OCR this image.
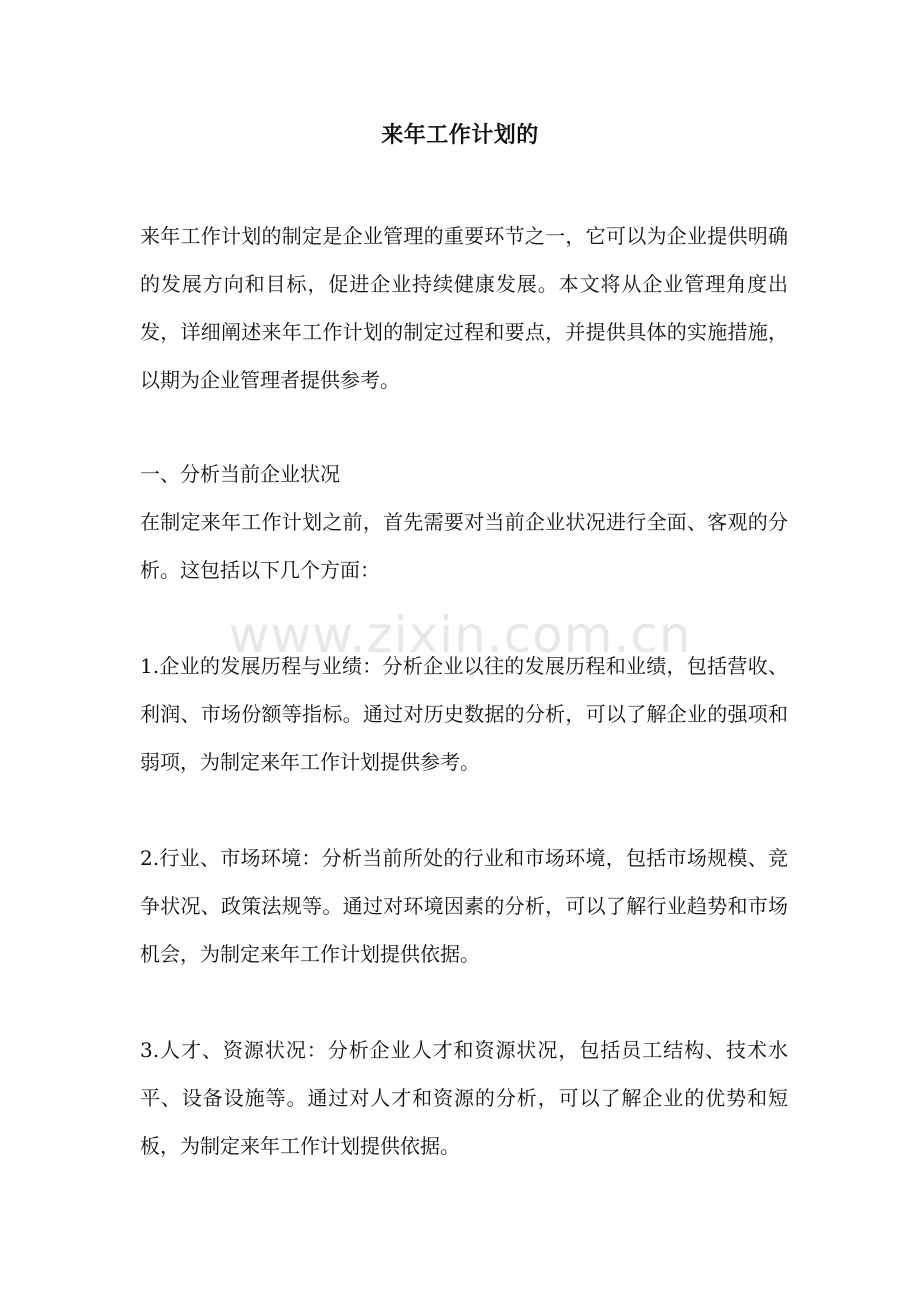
来年工作计划的

来年工作计划的制定是企业管理的重要环节之一，它可以为企业提供明确的发展方向和目标，促进企业持续健康发展。本文将从企业管理角度出发，详细阐述来年工作计划的制定过程和要点，并提供具体的实施措施，以期为企业管理者提供参考。

一、分析当前企业状况

在制定来年工作计划之前，首先需要对当前企业状况进行全面、客观的分析。这包括以下几个方面：

www.zixin.com.cn

1.企业的发展历程与业绩：分析企业以往的发展历程和业绩，包括营收、利润、市场份额等指标。通过对历史数据的分析，可以了解企业的强项和弱项，为制定来年工作计划提供参考。

2.行业、市场环境：分析当前所处的行业和市场环境，包括市场规模、竞争状况、政策法规等。通过对环境因素的分析，可以了解行业趋势和市场机会，为制定来年工作计划提供依据。

3.人才、资源状况：分析企业人才和资源状况，包括员工结构、技术水平、设备设施等。通过对人才和资源的分析，可以了解企业的优势和短板，为制定来年工作计划提供依据。
